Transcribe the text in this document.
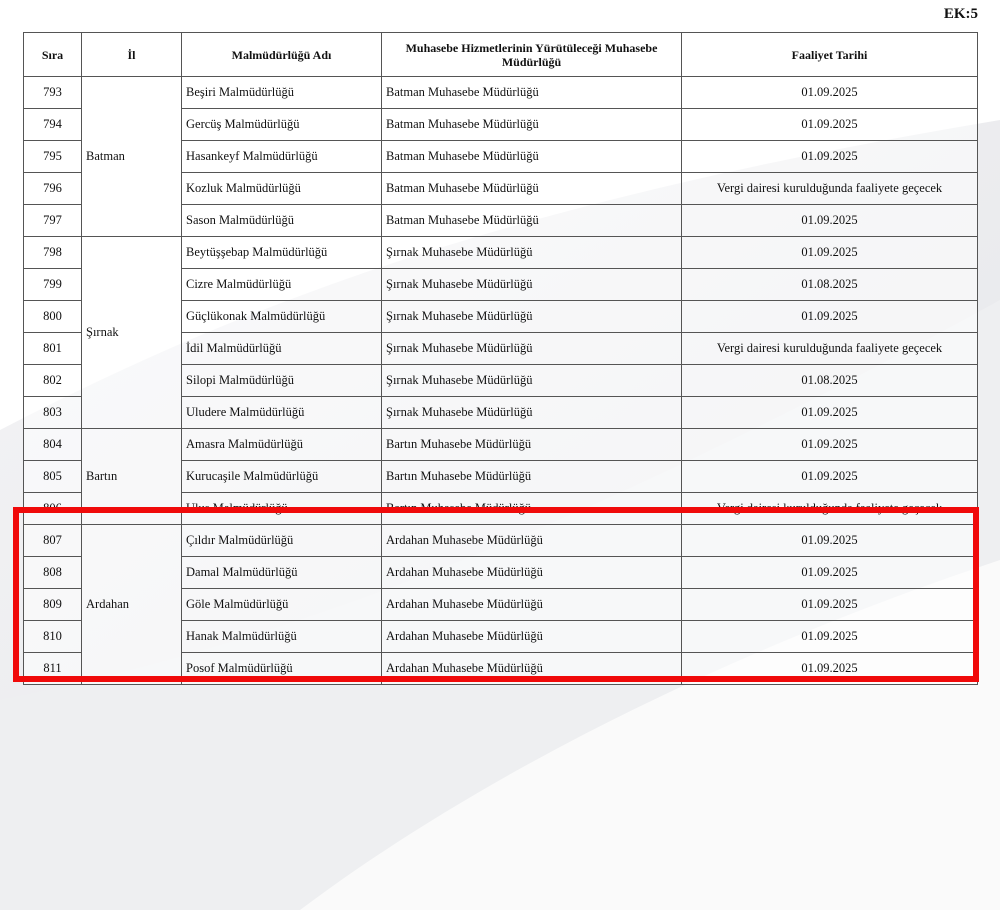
EK:5
Sıra	İl	Malmüdürlüğü Adı	Muhasebe Hizmetlerinin Yürütüleceği Muhasebe Müdürlüğü	Faaliyet Tarihi
793	Batman	Beşiri Malmüdürlüğü	Batman Muhasebe Müdürlüğü	01.09.2025
794		Gercüş Malmüdürlüğü	Batman Muhasebe Müdürlüğü	01.09.2025
795		Hasankeyf Malmüdürlüğü	Batman Muhasebe Müdürlüğü	01.09.2025
796		Kozluk Malmüdürlüğü	Batman Muhasebe Müdürlüğü	Vergi dairesi kurulduğunda faaliyete geçecek
797		Sason Malmüdürlüğü	Batman Muhasebe Müdürlüğü	01.09.2025
798	Şırnak	Beytüşşebap Malmüdürlüğü	Şırnak Muhasebe Müdürlüğü	01.09.2025
799		Cizre Malmüdürlüğü	Şırnak Muhasebe Müdürlüğü	01.08.2025
800		Güçlükonak Malmüdürlüğü	Şırnak Muhasebe Müdürlüğü	01.09.2025
801		İdil Malmüdürlüğü	Şırnak Muhasebe Müdürlüğü	Vergi dairesi kurulduğunda faaliyete geçecek
802		Silopi Malmüdürlüğü	Şırnak Muhasebe Müdürlüğü	01.08.2025
803		Uludere Malmüdürlüğü	Şırnak Muhasebe Müdürlüğü	01.09.2025
804	Bartın	Amasra Malmüdürlüğü	Bartın Muhasebe Müdürlüğü	01.09.2025
805		Kurucaşile Malmüdürlüğü	Bartın Muhasebe Müdürlüğü	01.09.2025
806		Ulus Malmüdürlüğü	Bartın Muhasebe Müdürlüğü	Vergi dairesi kurulduğunda faaliyete geçecek
807	Ardahan	Çıldır Malmüdürlüğü	Ardahan Muhasebe Müdürlüğü	01.09.2025
808		Damal Malmüdürlüğü	Ardahan Muhasebe Müdürlüğü	01.09.2025
809		Göle Malmüdürlüğü	Ardahan Muhasebe Müdürlüğü	01.09.2025
810		Hanak Malmüdürlüğü	Ardahan Muhasebe Müdürlüğü	01.09.2025
811		Posof Malmüdürlüğü	Ardahan Muhasebe Müdürlüğü	01.09.2025
